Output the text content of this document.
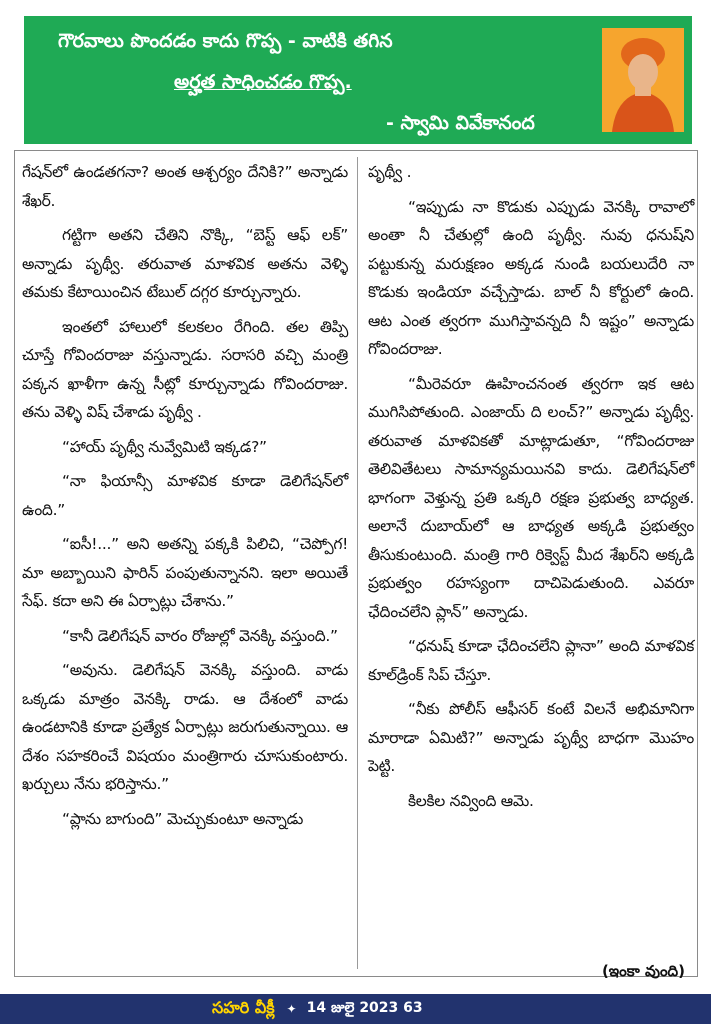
గౌరవాలు పొందడం కాదు గొప్ప - వాటికి తగిన
అర్హత సాధించడం గొప్ప.
- స్వామి వివేకానంద

గేషన్‌లో ఉండతగనా? అంత ఆశ్చర్యం దేనికి?” అన్నాడు శేఖర్.

గట్టిగా అతని చేతిని నొక్కి, “బెస్ట్ ఆఫ్ లక్” అన్నాడు పృథ్వీ. తరువాత మాళవిక అతను వెళ్ళి తమకు కేటాయించిన టేబుల్ దగ్గర కూర్చున్నారు.

ఇంతలో హాలులో కలకలం రేగింది. తల తిప్పి చూస్తే గోవిందరాజు వస్తున్నాడు. సరాసరి వచ్చి మంత్రి పక్కన ఖాళీగా ఉన్న సీట్లో కూర్చున్నాడు గోవిందరాజు. తను వెళ్ళి విష్ చేశాడు పృథ్వీ .

“హాయ్ పృథ్వీ నువ్వేమిటి ఇక్కడ?”

“నా ఫియాన్సీ మాళవిక కూడా డెలిగేషన్‌లో ఉంది.”

“ఐసీ!...” అని అతన్ని పక్కకి పిలిచి, “చెప్పోగ! మా అబ్బాయిని ఫారిన్ పంపుతున్నానని. ఇలా అయితే సేఫ్. కదా అని ఈ ఏర్పాట్లు చేశాను.”

“కానీ డెలిగేషన్ వారం రోజుల్లో వెనక్కి వస్తుంది.”

“అవును. డెలిగేషన్ వెనక్కి వస్తుంది. వాడు ఒక్కడు మాత్రం వెనక్కి రాడు. ఆ దేశంలో వాడు ఉండటానికి కూడా ప్రత్యేక ఏర్పాట్లు జరుగుతున్నాయి. ఆ దేశం సహకరించే విషయం మంత్రిగారు చూసుకుంటారు. ఖర్చులు నేను భరిస్తాను.”

“ప్లాను బాగుంది” మెచ్చుకుంటూ అన్నాడు

పృథ్వీ .

“ఇప్పుడు నా కొడుకు ఎప్పుడు వెనక్కి రావాలో అంతా నీ చేతుల్లో ఉంది పృథ్వీ. నువు ధనుష్‌ని పట్టుకున్న మరుక్షణం అక్కడ నుండి బయలుదేరి నా కొడుకు ఇండియా వచ్చేస్తాడు. బాల్ నీ కోర్టులో ఉంది. ఆట ఎంత త్వరగా ముగిస్తావన్నది నీ ఇష్టం” అన్నాడు గోవిందరాజు.

“మీరెవరూ ఊహించనంత త్వరగా ఇక ఆట ముగిసిపోతుంది. ఎంజాయ్ ది లంచ్?” అన్నాడు పృథ్వీ. తరువాత మాళవికతో మాట్లాడుతూ, “గోవిందరాజు తెలివితేటలు సామాన్యమయినవి కాదు. డెలిగేషన్‌లో భాగంగా వెళ్తున్న ప్రతి ఒక్కరి రక్షణ ప్రభుత్వ బాధ్యత. అలానే దుబాయ్‌లో ఆ బాధ్యత అక్కడి ప్రభుత్వం తీసుకుంటుంది. మంత్రి గారి రిక్వెస్ట్ మీద శేఖర్‌ని అక్కడి ప్రభుత్వం రహస్యంగా దాచిపెడుతుంది. ఎవరూ ఛేదించలేని ప్లాన్” అన్నాడు.

“ధనుష్ కూడా ఛేదించలేని ప్లానా” అంది మాళవిక కూల్‌డ్రింక్ సిప్ చేస్తూ.

“నీకు పోలీస్ ఆఫీసర్ కంటే విలనే అభిమానిగా మారాడా ఏమిటి?” అన్నాడు పృథ్వీ బాధగా మొహం పెట్టి.

కిలకిల నవ్వింది ఆమె.

(ఇంకా వుంది)
సహరి వీక్లీ ✦ 14 జులై 2023 63
